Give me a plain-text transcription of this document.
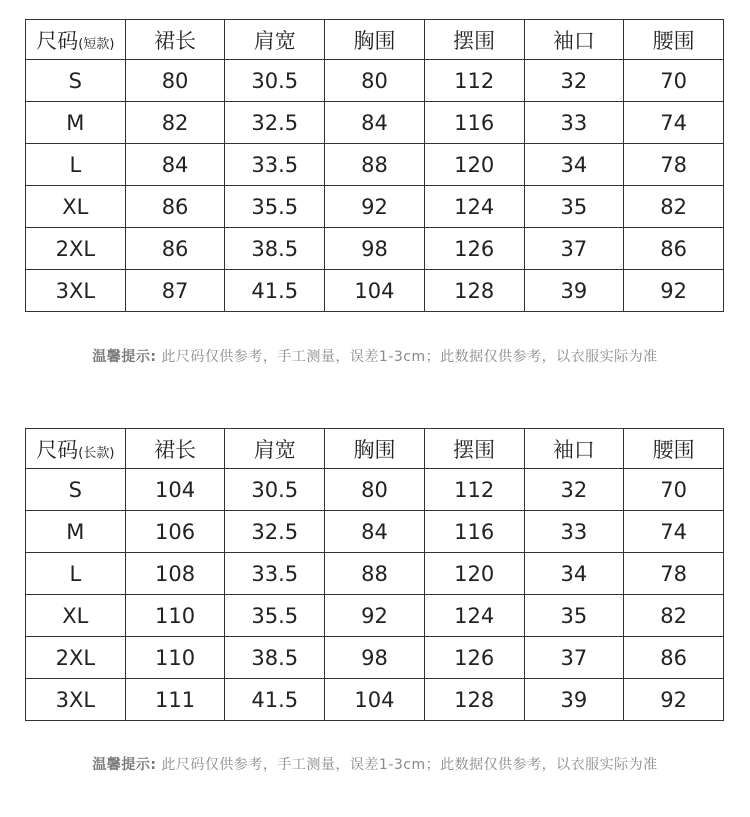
尺码(短款)	裙长	肩宽	胸围	摆围	袖口	腰围
S	80	30.5	80	112	32	70
M	82	32.5	84	116	33	74
L	84	33.5	88	120	34	78
XL	86	35.5	92	124	35	82
2XL	86	38.5	98	126	37	86
3XL	87	41.5	104	128	39	92
温馨提示: 此尺码仅供参考，手工测量，误差1-3cm；此数据仅供参考，以衣服实际为准
尺码(长款)	裙长	肩宽	胸围	摆围	袖口	腰围
S	104	30.5	80	112	32	70
M	106	32.5	84	116	33	74
L	108	33.5	88	120	34	78
XL	110	35.5	92	124	35	82
2XL	110	38.5	98	126	37	86
3XL	111	41.5	104	128	39	92
温馨提示: 此尺码仅供参考，手工测量，误差1-3cm；此数据仅供参考，以衣服实际为准
